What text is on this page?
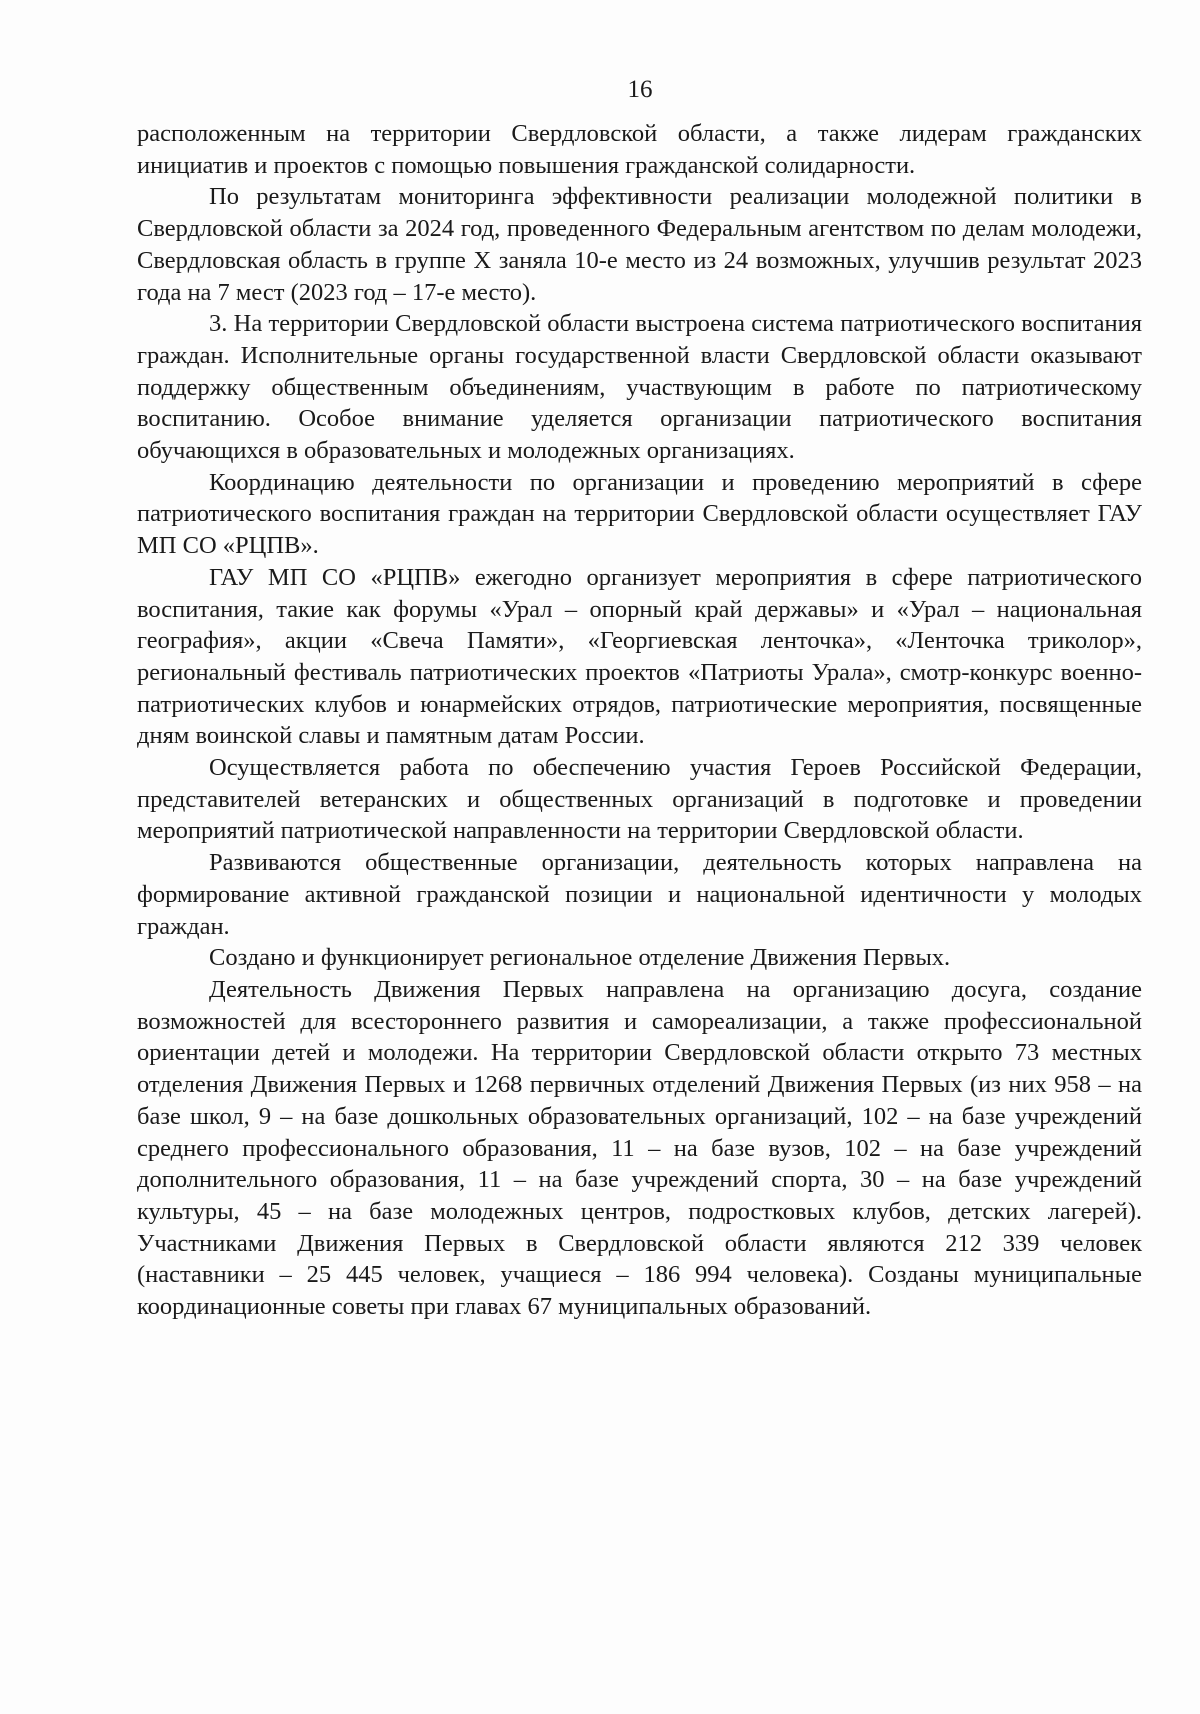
16

расположенным на территории Свердловской области, а также лидерам гражданских инициатив и проектов с помощью повышения гражданской солидарности.

По результатам мониторинга эффективности реализации молодежной политики в Свердловской области за 2024 год, проведенного Федеральным агентством по делам молодежи, Свердловская область в группе X заняла 10-е место из 24 возможных, улучшив результат 2023 года на 7 мест (2023 год – 17-е место).

3. На территории Свердловской области выстроена система патриотического воспитания граждан. Исполнительные органы государственной власти Свердловской области оказывают поддержку общественным объединениям, участвующим в работе по патриотическому воспитанию. Особое внимание уделяется организации патриотического воспитания обучающихся в образовательных и молодежных организациях.

Координацию деятельности по организации и проведению мероприятий в сфере патриотического воспитания граждан на территории Свердловской области осуществляет ГАУ МП СО «РЦПВ».

ГАУ МП СО «РЦПВ» ежегодно организует мероприятия в сфере патриотического воспитания, такие как форумы «Урал – опорный край державы» и «Урал – национальная география», акции «Свеча Памяти», «Георгиевская ленточка», «Ленточка триколор», региональный фестиваль патриотических проектов «Патриоты Урала», смотр-конкурс военно-патриотических клубов и юнармейских отрядов, патриотические мероприятия, посвященные дням воинской славы и памятным датам России.

Осуществляется работа по обеспечению участия Героев Российской Федерации, представителей ветеранских и общественных организаций в подготовке и проведении мероприятий патриотической направленности на территории Свердловской области.

Развиваются общественные организации, деятельность которых направлена на формирование активной гражданской позиции и национальной идентичности у молодых граждан.

Создано и функционирует региональное отделение Движения Первых.

Деятельность Движения Первых направлена на организацию досуга, создание возможностей для всестороннего развития и самореализации, а также профессиональной ориентации детей и молодежи. На территории Свердловской области открыто 73 местных отделения Движения Первых и 1268 первичных отделений Движения Первых (из них 958 – на базе школ, 9 – на базе дошкольных образовательных организаций, 102 – на базе учреждений среднего профессионального образования, 11 – на базе вузов, 102 – на базе учреждений дополнительного образования, 11 – на базе учреждений спорта, 30 – на базе учреждений культуры, 45 – на базе молодежных центров, подростковых клубов, детских лагерей). Участниками Движения Первых в Свердловской области являются 212 339 человек (наставники – 25 445 человек, учащиеся – 186 994 человека). Созданы муниципальные координационные советы при главах 67 муниципальных образований.
